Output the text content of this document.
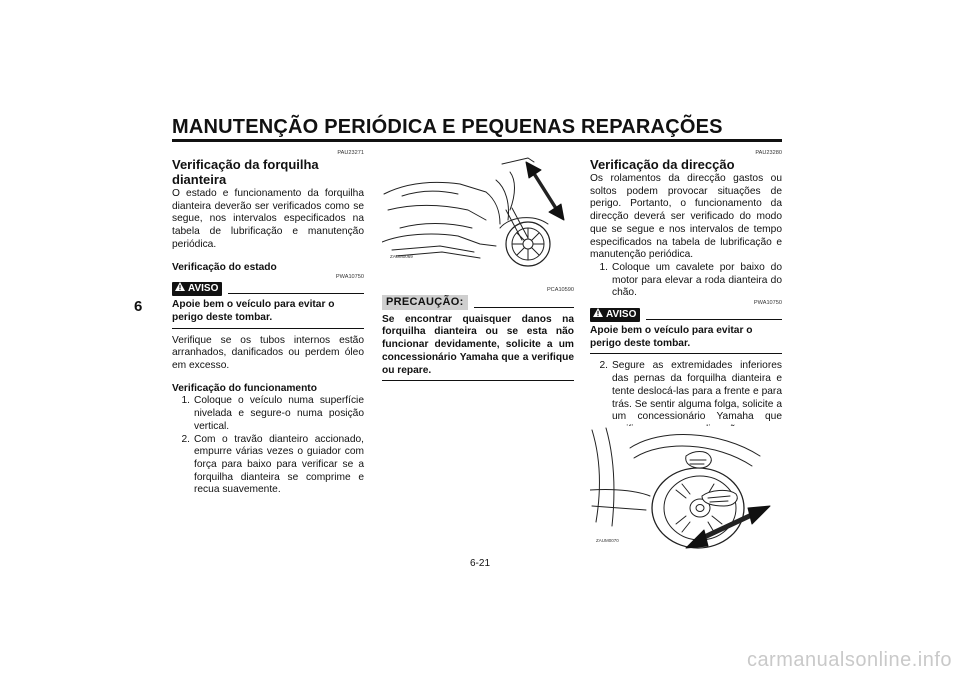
MANUTENÇÃO PERIÓDICA E PEQUENAS REPARAÇÕES
6
PAU23271
Verificação da forquilha dianteira

O estado e funcionamento da forquilha dianteira deverão ser verificados como se segue, nos intervalos especificados na tabela de lubrificação e manutenção periódica.

Verificação do estado

PWA10750
AVISO

Apoie bem o veículo para evitar o perigo deste tombar.

Verifique se os tubos internos estão arranhados, danificados ou perdem óleo em excesso.

Verificação do funcionamento

1. Coloque o veículo numa superfície nivelada e segure-o numa posição vertical.
2. Com o travão dianteiro accionado, empurre várias vezes o guiador com força para baixo para verificar se a forquilha dianteira se comprime e recua suavemente.
ZAUM0069
PCA10590
PRECAUÇÃO:

Se encontrar quaisquer danos na forquilha dianteira ou se esta não funcionar devidamente, solicite a um concessionário Yamaha que a verifique ou repare.

PAU23280
Verificação da direcção

Os rolamentos da direcção gastos ou soltos podem provocar situações de perigo. Portanto, o funcionamento da direcção deverá ser verificado do modo que se segue e nos intervalos de tempo especificados na tabela de lubrificação e manutenção periódica.

1. Coloque um cavalete por baixo do motor para elevar a roda dianteira do chão.
PWA10750
AVISO

Apoie bem o veículo para evitar o perigo deste tombar.

2. Segure as extremidades inferiores das pernas da forquilha dianteira e tente deslocá-las para a frente e para trás. Se sentir alguma folga, solicite a um concessionário Yamaha que
ZAUM0070
6-21
carmanualsonline.info
